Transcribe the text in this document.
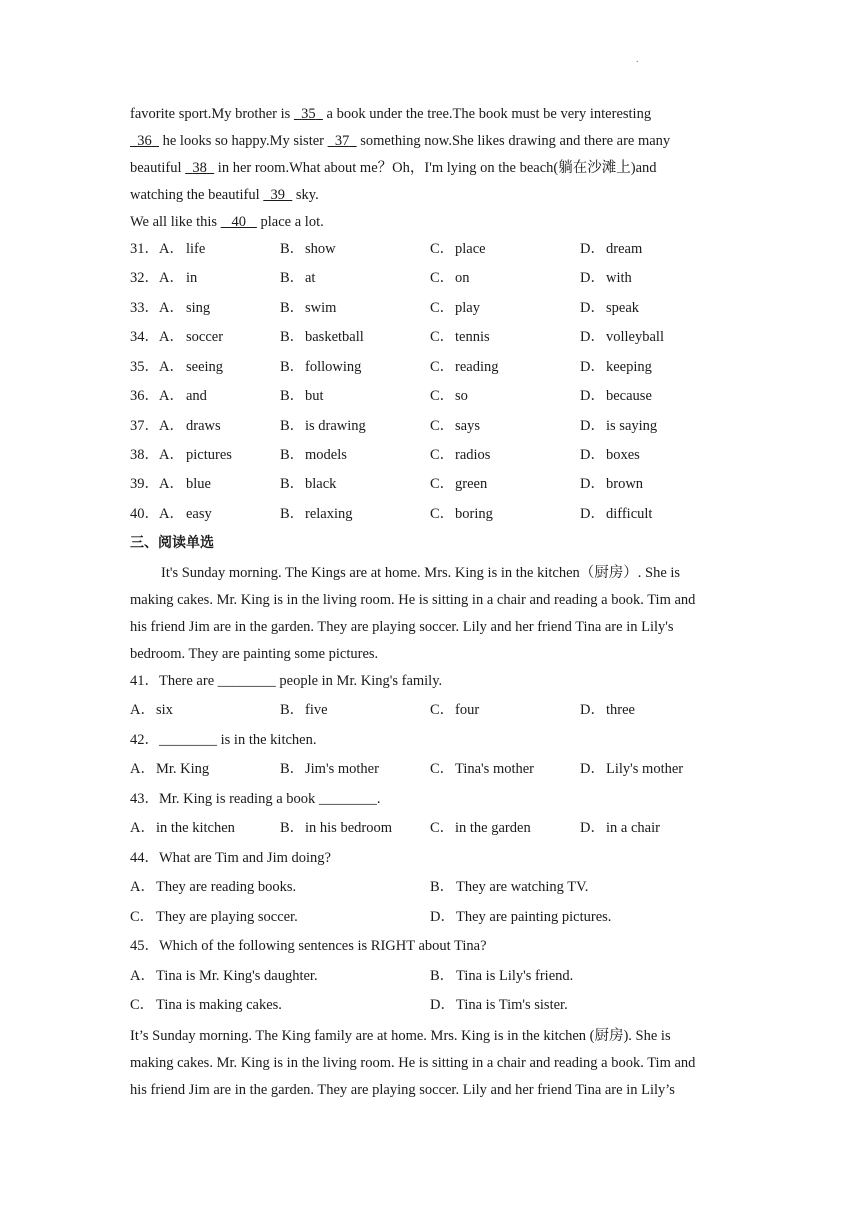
.
favorite sport.My brother is   35   a book under the tree.The book must be very interesting
36   he looks so happy.My sister   37   something now.She likes drawing and there are many
beautiful   38   in her room.What about me？Oh，I'm lying on the beach(躺在沙滩上)and
watching the beautiful   39   sky.
We all like this    40    place a lot.
31．A． life	B． show	C． place	D． dream
32．A． in	B． at	C． on	D． with
33．A． sing	B． swim	C． play	D． speak
34．A． soccer	B． basketball	C． tennis	D． volleyball
35．A． seeing	B． following	C． reading	D． keeping
36．A． and	B． but	C． so	D． because
37．A． draws	B． is drawing	C． says	D． is saying
38．A． pictures	B． models	C． radios	D． boxes
39．A． blue	B． black	C． green	D． brown
40．A． easy	B． relaxing	C． boring	D． difficult
三、阅读单选
It's Sunday morning. The Kings are at home. Mrs. King is in the kitchen（厨房）. She is
making cakes. Mr. King is in the living room. He is sitting in a chair and reading a book. Tim and
his friend Jim are in the garden. They are playing soccer. Lily and her friend Tina are in Lily's
bedroom. They are painting some pictures.
41．There are ________ people in Mr. King's family.
A． six	B． five	C． four	D． three
42．________ is in the kitchen.
A． Mr. King	B． Jim's mother	C． Tina's mother	D． Lily's mother
43．Mr. King is reading a book ________.
A． in the kitchen	B． in his bedroom	C． in the garden	D． in a chair
44．What are Tim and Jim doing?
A． They are reading books.	B． They are watching TV.
C． They are playing soccer.	D． They are painting pictures.
45．Which of the following sentences is RIGHT about Tina?
A． Tina is Mr. King's daughter.	B． Tina is Lily's friend.
C． Tina is making cakes.	D． Tina is Tim's sister.
It’s Sunday morning. The King family are at home. Mrs. King is in the kitchen (厨房). She is
making cakes. Mr. King is in the living room. He is sitting in a chair and reading a book. Tim and
his friend Jim are in the garden. They are playing soccer. Lily and her friend Tina are in Lily’s
